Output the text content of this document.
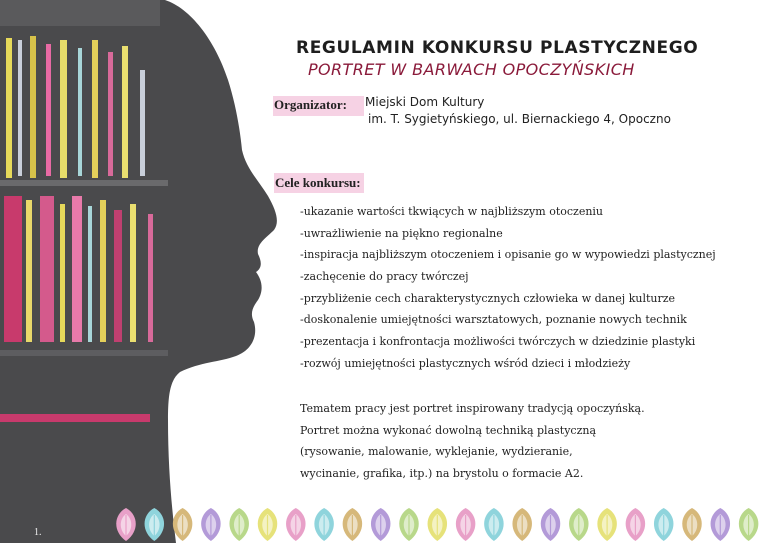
REGULAMIN KONKURSU PLASTYCZNEGO
PORTRET W BARWACH OPOCZYŃSKICH
Organizator:	Miejski Dom Kultury
im. T. Sygietyńskiego, ul. Biernackiego 4, Opoczno
Cele konkursu:
-ukazanie wartości tkwiących w najbliższym otoczeniu
-uwrażliwienie na piękno regionalne
-inspiracja najbliższym otoczeniem i opisanie go w wypowiedzi plastycznej
-zachęcenie do pracy twórczej
-przybliżenie cech charakterystycznych człowieka w danej kulturze
-doskonalenie umiejętności warsztatowych, poznanie nowych technik
-prezentacja i konfrontacja możliwości twórczych w dziedzinie plastyki
-rozwój umiejętności plastycznych wśród dzieci i młodzieży
Tematem pracy jest portret inspirowany tradycją opoczyńską.
Portret można wykonać dowolną techniką plastyczną
(rysowanie, malowanie, wyklejanie, wydzieranie,
wycinanie, grafika, itp.) na brystolu o formacie A2.
1.
